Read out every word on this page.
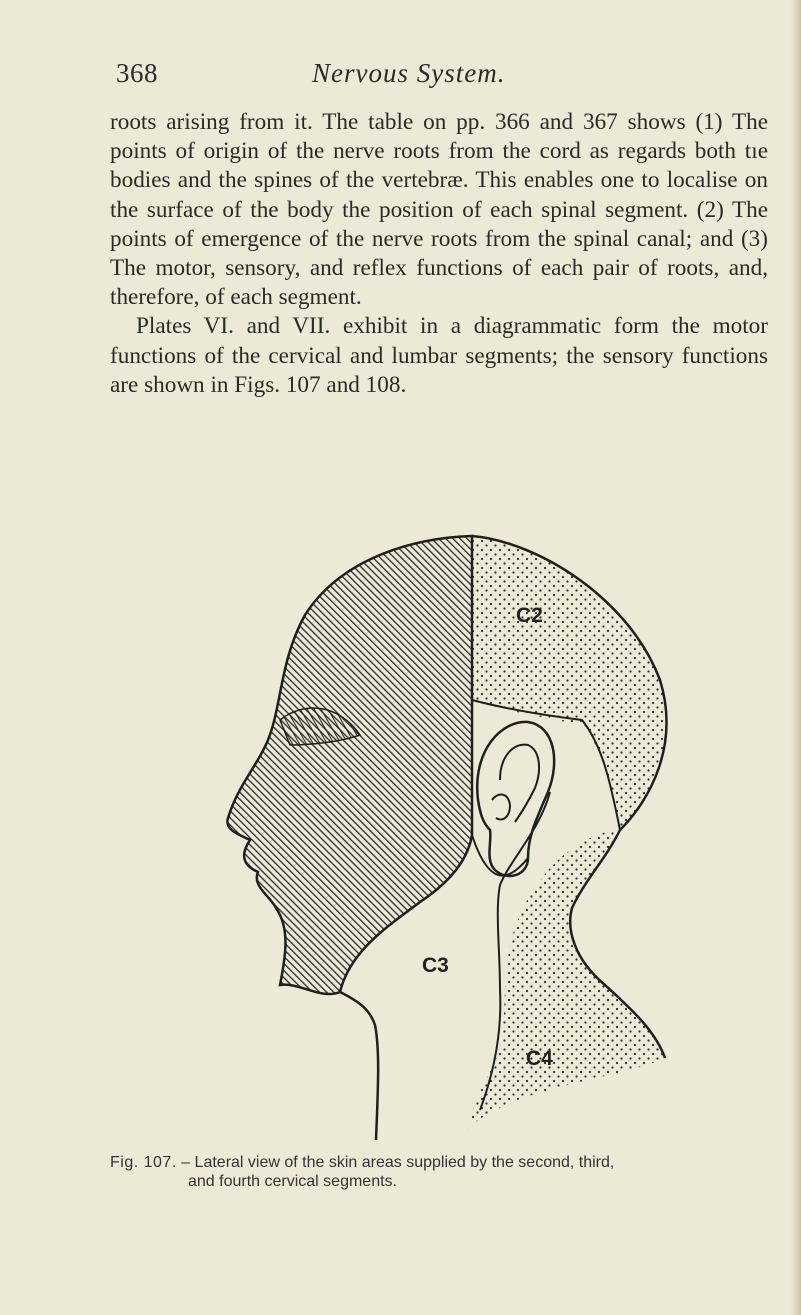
368	Nervous System.

roots arising from it. The table on pp. 366 and 367 shows (1) The points of origin of the nerve roots from the cord as regards both tıe bodies and the spines of the vertebræ. This enables one to localise on the surface of the body the position of each spinal segment. (2) The points of emergence of the nerve roots from the spinal canal; and (3) The motor, sensory, and reflex functions of each pair of roots, and, therefore, of each segment.

Plates VI. and VII. exhibit in a diagrammatic form the motor functions of the cervical and lumbar segments; the sensory functions are shown in Figs. 107 and 108.

C2
C3
C4
Fig. 107. – Lateral view of the skin areas supplied by the second, third,
and fourth cervical segments.
